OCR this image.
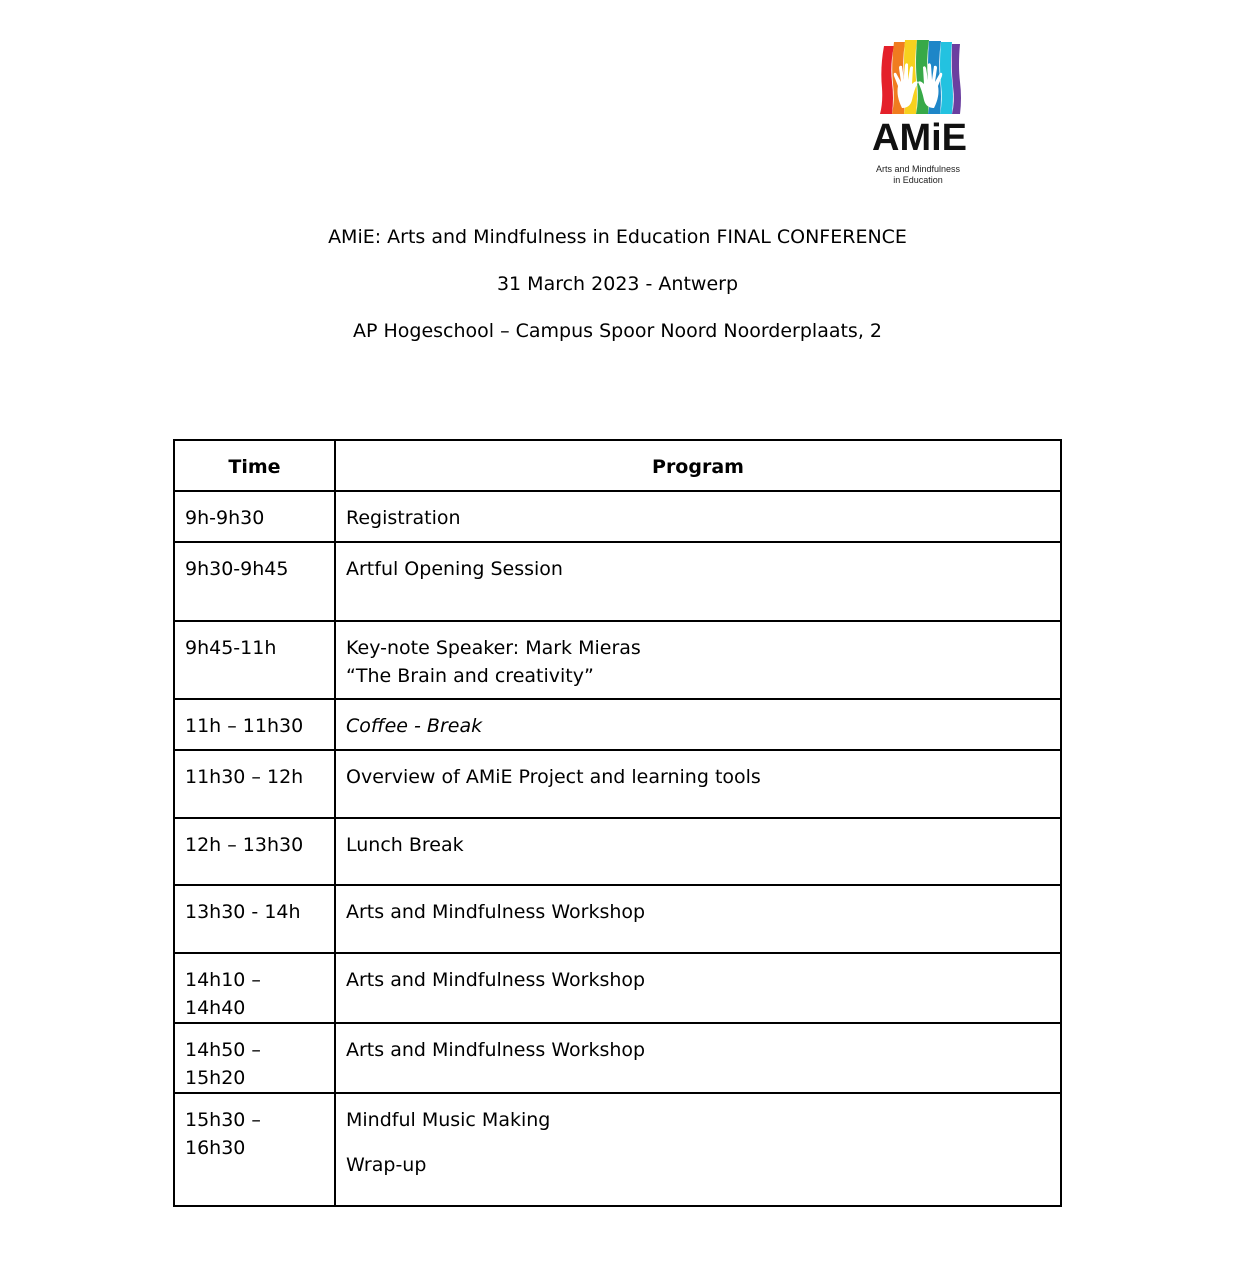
AMiE
Arts and Mindfulness
in Education
AMiE: Arts and Mindfulness in Education FINAL CONFERENCE
31 March 2023 - Antwerp
AP Hogeschool – Campus Spoor Noord Noorderplaats, 2
Time	Program
9h-9h30	Registration
9h30-9h45	Artful Opening Session
9h45-11h	Key-note Speaker: Mark Mieras
“The Brain and creativity”

11h – 11h30	Coffee - Break
11h30 – 12h	Overview of AMiE Project and learning tools
12h – 13h30	Lunch Break
13h30 - 14h	Arts and Mindfulness Workshop
14h10 – 14h40	Arts and Mindfulness Workshop
14h50 – 15h20	Arts and Mindfulness Workshop
15h30 – 16h30	Mindful Music Making
Wrap-up
